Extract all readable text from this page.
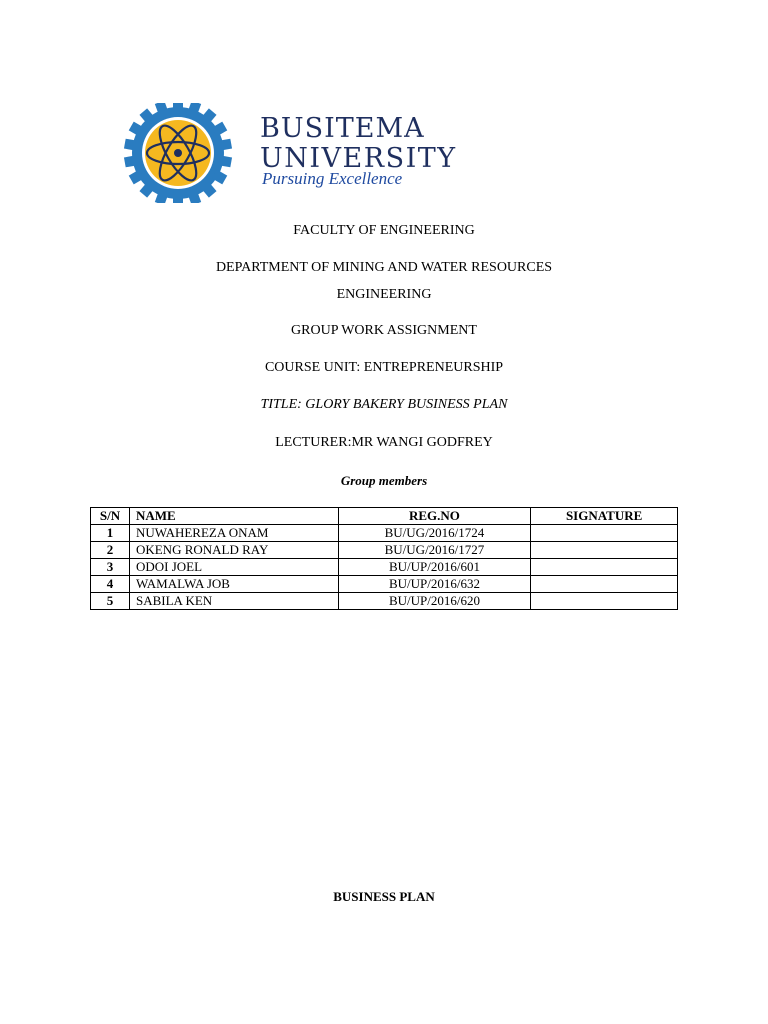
BUSITEMA
UNIVERSITY
Pursuing Excellence
FACULTY OF ENGINEERING
DEPARTMENT OF MINING AND WATER RESOURCES
ENGINEERING
GROUP WORK ASSIGNMENT
COURSE UNIT: ENTREPRENEURSHIP
TITLE: GLORY BAKERY BUSINESS PLAN
LECTURER:MR WANGI GODFREY
Group members
S/N	NAME	REG.NO	SIGNATURE
1	NUWAHEREZA ONAM	BU/UG/2016/1724	
2	OKENG RONALD RAY	BU/UG/2016/1727	
3	ODOI JOEL	BU/UP/2016/601	
4	WAMALWA JOB	BU/UP/2016/632	
5	SABILA KEN	BU/UP/2016/620	
BUSINESS PLAN
